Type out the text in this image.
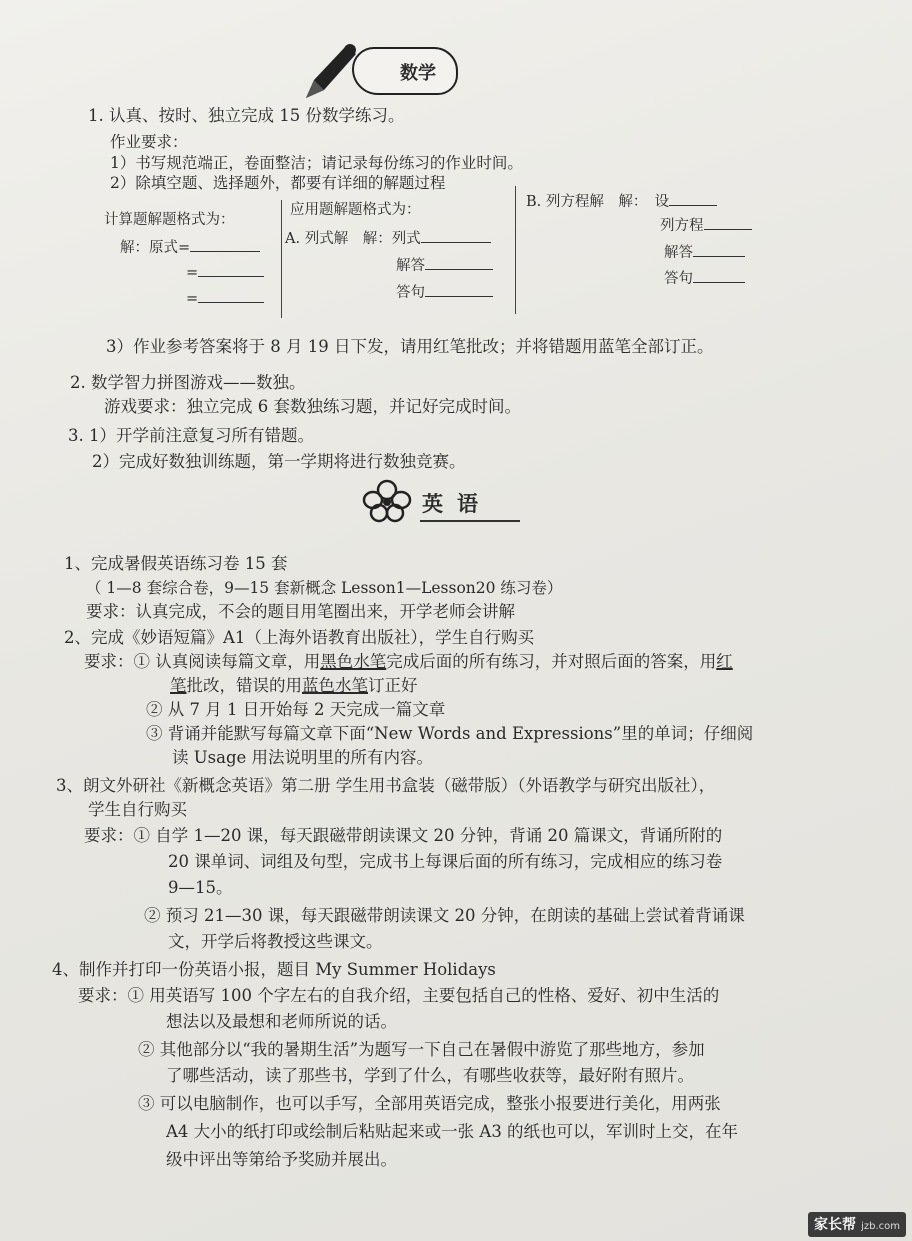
数学
1. 认真、按时、独立完成 15 份数学练习。
作业要求：
1）书写规范端正，卷面整洁；请记录每份练习的作业时间。
2）除填空题、选择题外，都要有详细的解题过程
计算题解题格式为：
解：原式=
=
=
应用题解题格式为：
A. 列式解　解：列式
解答
答句
B. 列方程解　解：　设
列方程
解答
答句
3）作业参考答案将于 8 月 19 日下发，请用红笔批改；并将错题用蓝笔全部订正。
2. 数学智力拼图游戏——数独。
游戏要求：独立完成 6 套数独练习题，并记好完成时间。
3. 1）开学前注意复习所有错题。
2）完成好数独训练题，第一学期将进行数独竞赛。
英语
1、完成暑假英语练习卷 15 套
（ 1—8 套综合卷，9—15 套新概念 Lesson1—Lesson20 练习卷）
要求：认真完成，不会的题目用笔圈出来，开学老师会讲解
2、完成《妙语短篇》A1（上海外语教育出版社），学生自行购买
要求：① 认真阅读每篇文章，用黑色水笔完成后面的所有练习，并对照后面的答案，用红
笔批改，错误的用蓝色水笔订正好
② 从 7 月 1 日开始每 2 天完成一篇文章
③ 背诵并能默写每篇文章下面“New Words and Expressions”里的单词；仔细阅
读 Usage 用法说明里的所有内容。
3、朗文外研社《新概念英语》第二册 学生用书盒装（磁带版）（外语教学与研究出版社），
学生自行购买
要求：① 自学 1—20 课，每天跟磁带朗读课文 20 分钟，背诵 20 篇课文，背诵所附的
20 课单词、词组及句型，完成书上每课后面的所有练习，完成相应的练习卷
9—15。
② 预习 21—30 课，每天跟磁带朗读课文 20 分钟，在朗读的基础上尝试着背诵课
文，开学后将教授这些课文。
4、制作并打印一份英语小报，题目 My Summer Holidays
要求：① 用英语写 100 个字左右的自我介绍，主要包括自己的性格、爱好、初中生活的
想法以及最想和老师所说的话。
② 其他部分以“我的暑期生活”为题写一下自己在暑假中游览了那些地方，参加
了哪些活动，读了那些书，学到了什么，有哪些收获等，最好附有照片。
③ 可以电脑制作，也可以手写，全部用英语完成，整张小报要进行美化，用两张
A4 大小的纸打印或绘制后粘贴起来或一张 A3 的纸也可以，军训时上交，在年
级中评出等第给予奖励并展出。
家长帮 jzb.com
